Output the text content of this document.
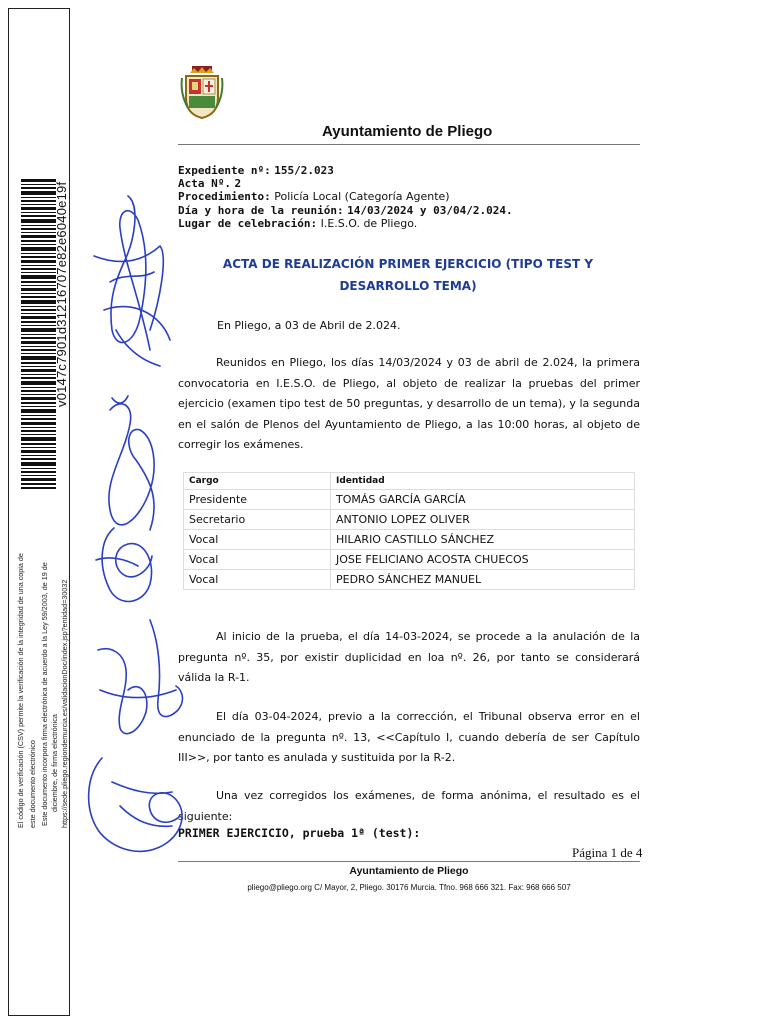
v0147c7901d31216707e82e6040e19f
El código de verificación (CSV) permite la verificación de la integridad de una copia de este documento electrónico Este documento incorpora firma electrónica de acuerdo a la Ley 59/2003, de 19 de diciembre, de firma electrónica https://sede.pliego.regiondemurcia.es/validacionDoc/index.jsp?entidad=30032
Ayuntamiento de Pliego
Expediente nº: 155/2.023
Acta Nº. 2
Procedimiento: Policía Local (Categoría Agente)
Día y hora de la reunión: 14/03/2024 y 03/04/2.024.
Lugar de celebración: I.E.S.O. de Pliego.
ACTA DE REALIZACIÓN PRIMER EJERCICIO (TIPO TEST Y
DESARROLLO TEMA)
En Pliego, a 03 de Abril de 2.024.
Reunidos en Pliego, los días 14/03/2024 y 03 de abril de 2.024, la primera convocatoria en I.E.S.O. de Pliego, al objeto de realizar la pruebas del primer ejercicio (examen tipo test de 50 preguntas, y desarrollo de un tema), y la segunda en el salón de Plenos del Ayuntamiento de Pliego, a las 10:00 horas, al objeto de corregir los exámenes.
Cargo	Identidad
Presidente	TOMÁS GARCÍA GARCÍA
Secretario	ANTONIO LOPEZ OLIVER
Vocal	HILARIO CASTILLO SÁNCHEZ
Vocal	JOSE FELICIANO ACOSTA CHUECOS
Vocal	PEDRO SÁNCHEZ MANUEL
Al inicio de la prueba, el día 14-03-2024, se procede a la anulación de la pregunta nº. 35, por existir duplicidad en loa nº. 26, por tanto se considerará válida la R-1.
El día 03-04-2024, previo a la corrección, el Tribunal observa error en el enunciado de la pregunta nº. 13, <<Capítulo I, cuando debería de ser Capítulo III>>, por tanto es anulada y sustituida por la R-2.
Una vez corregidos los exámenes, de forma anónima, el resultado es el siguiente:
PRIMER EJERCICIO, prueba 1ª (test):
Página 1 de 4
Ayuntamiento de Pliego
pliego@pliego.org C/ Mayor, 2, Pliego. 30176 Murcia. Tfno. 968 666 321. Fax: 968 666 507
